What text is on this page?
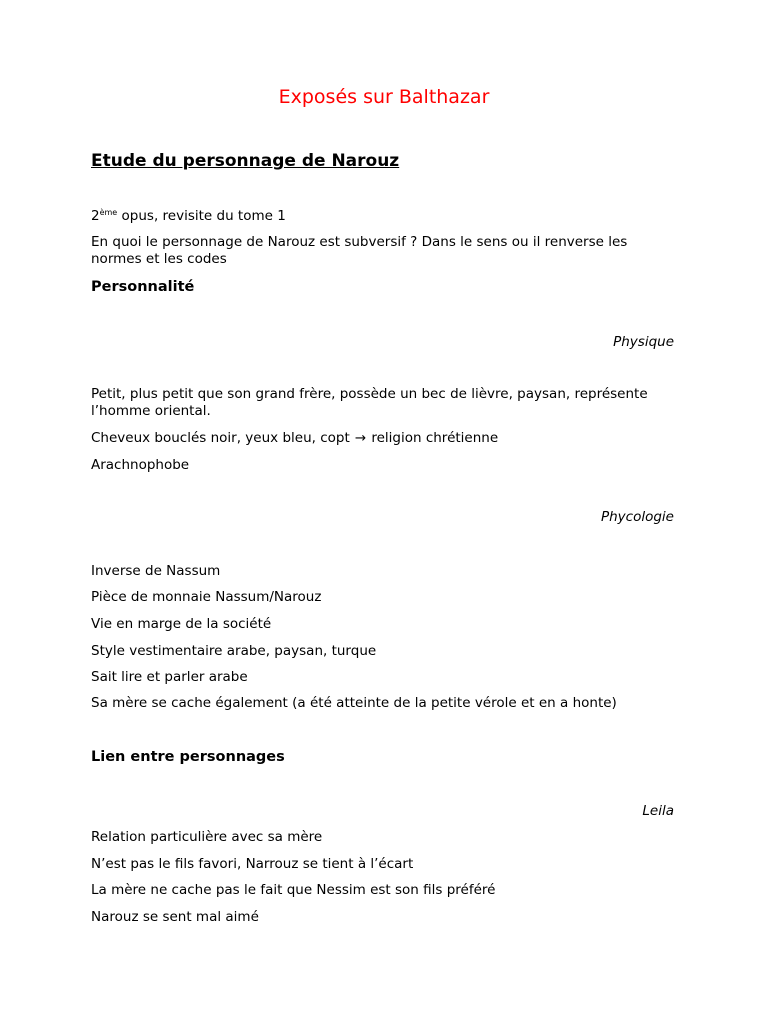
Exposés sur Balthazar

Etude du personnage de Narouz

2ème opus, revisite du tome 1

En quoi le personnage de Narouz est subversif ? Dans le sens ou il renverse les normes et les codes

Personnalité

Physique

Petit, plus petit que son grand frère, possède un bec de lièvre, paysan, représente l’homme oriental.

Cheveux bouclés noir, yeux bleu, copt → religion chrétienne

Arachnophobe

Phycologie

Inverse de Nassum

Pièce de monnaie Nassum/Narouz

Vie en marge de la société

Style vestimentaire arabe, paysan, turque

Sait lire et parler arabe

Sa mère se cache également (a été atteinte de la petite vérole et en a honte)

Lien entre personnages

Leila

Relation particulière avec sa mère

N’est pas le fils favori, Narrouz se tient à l’écart

La mère ne cache pas le fait que Nessim est son fils préféré

Narouz se sent mal aimé
